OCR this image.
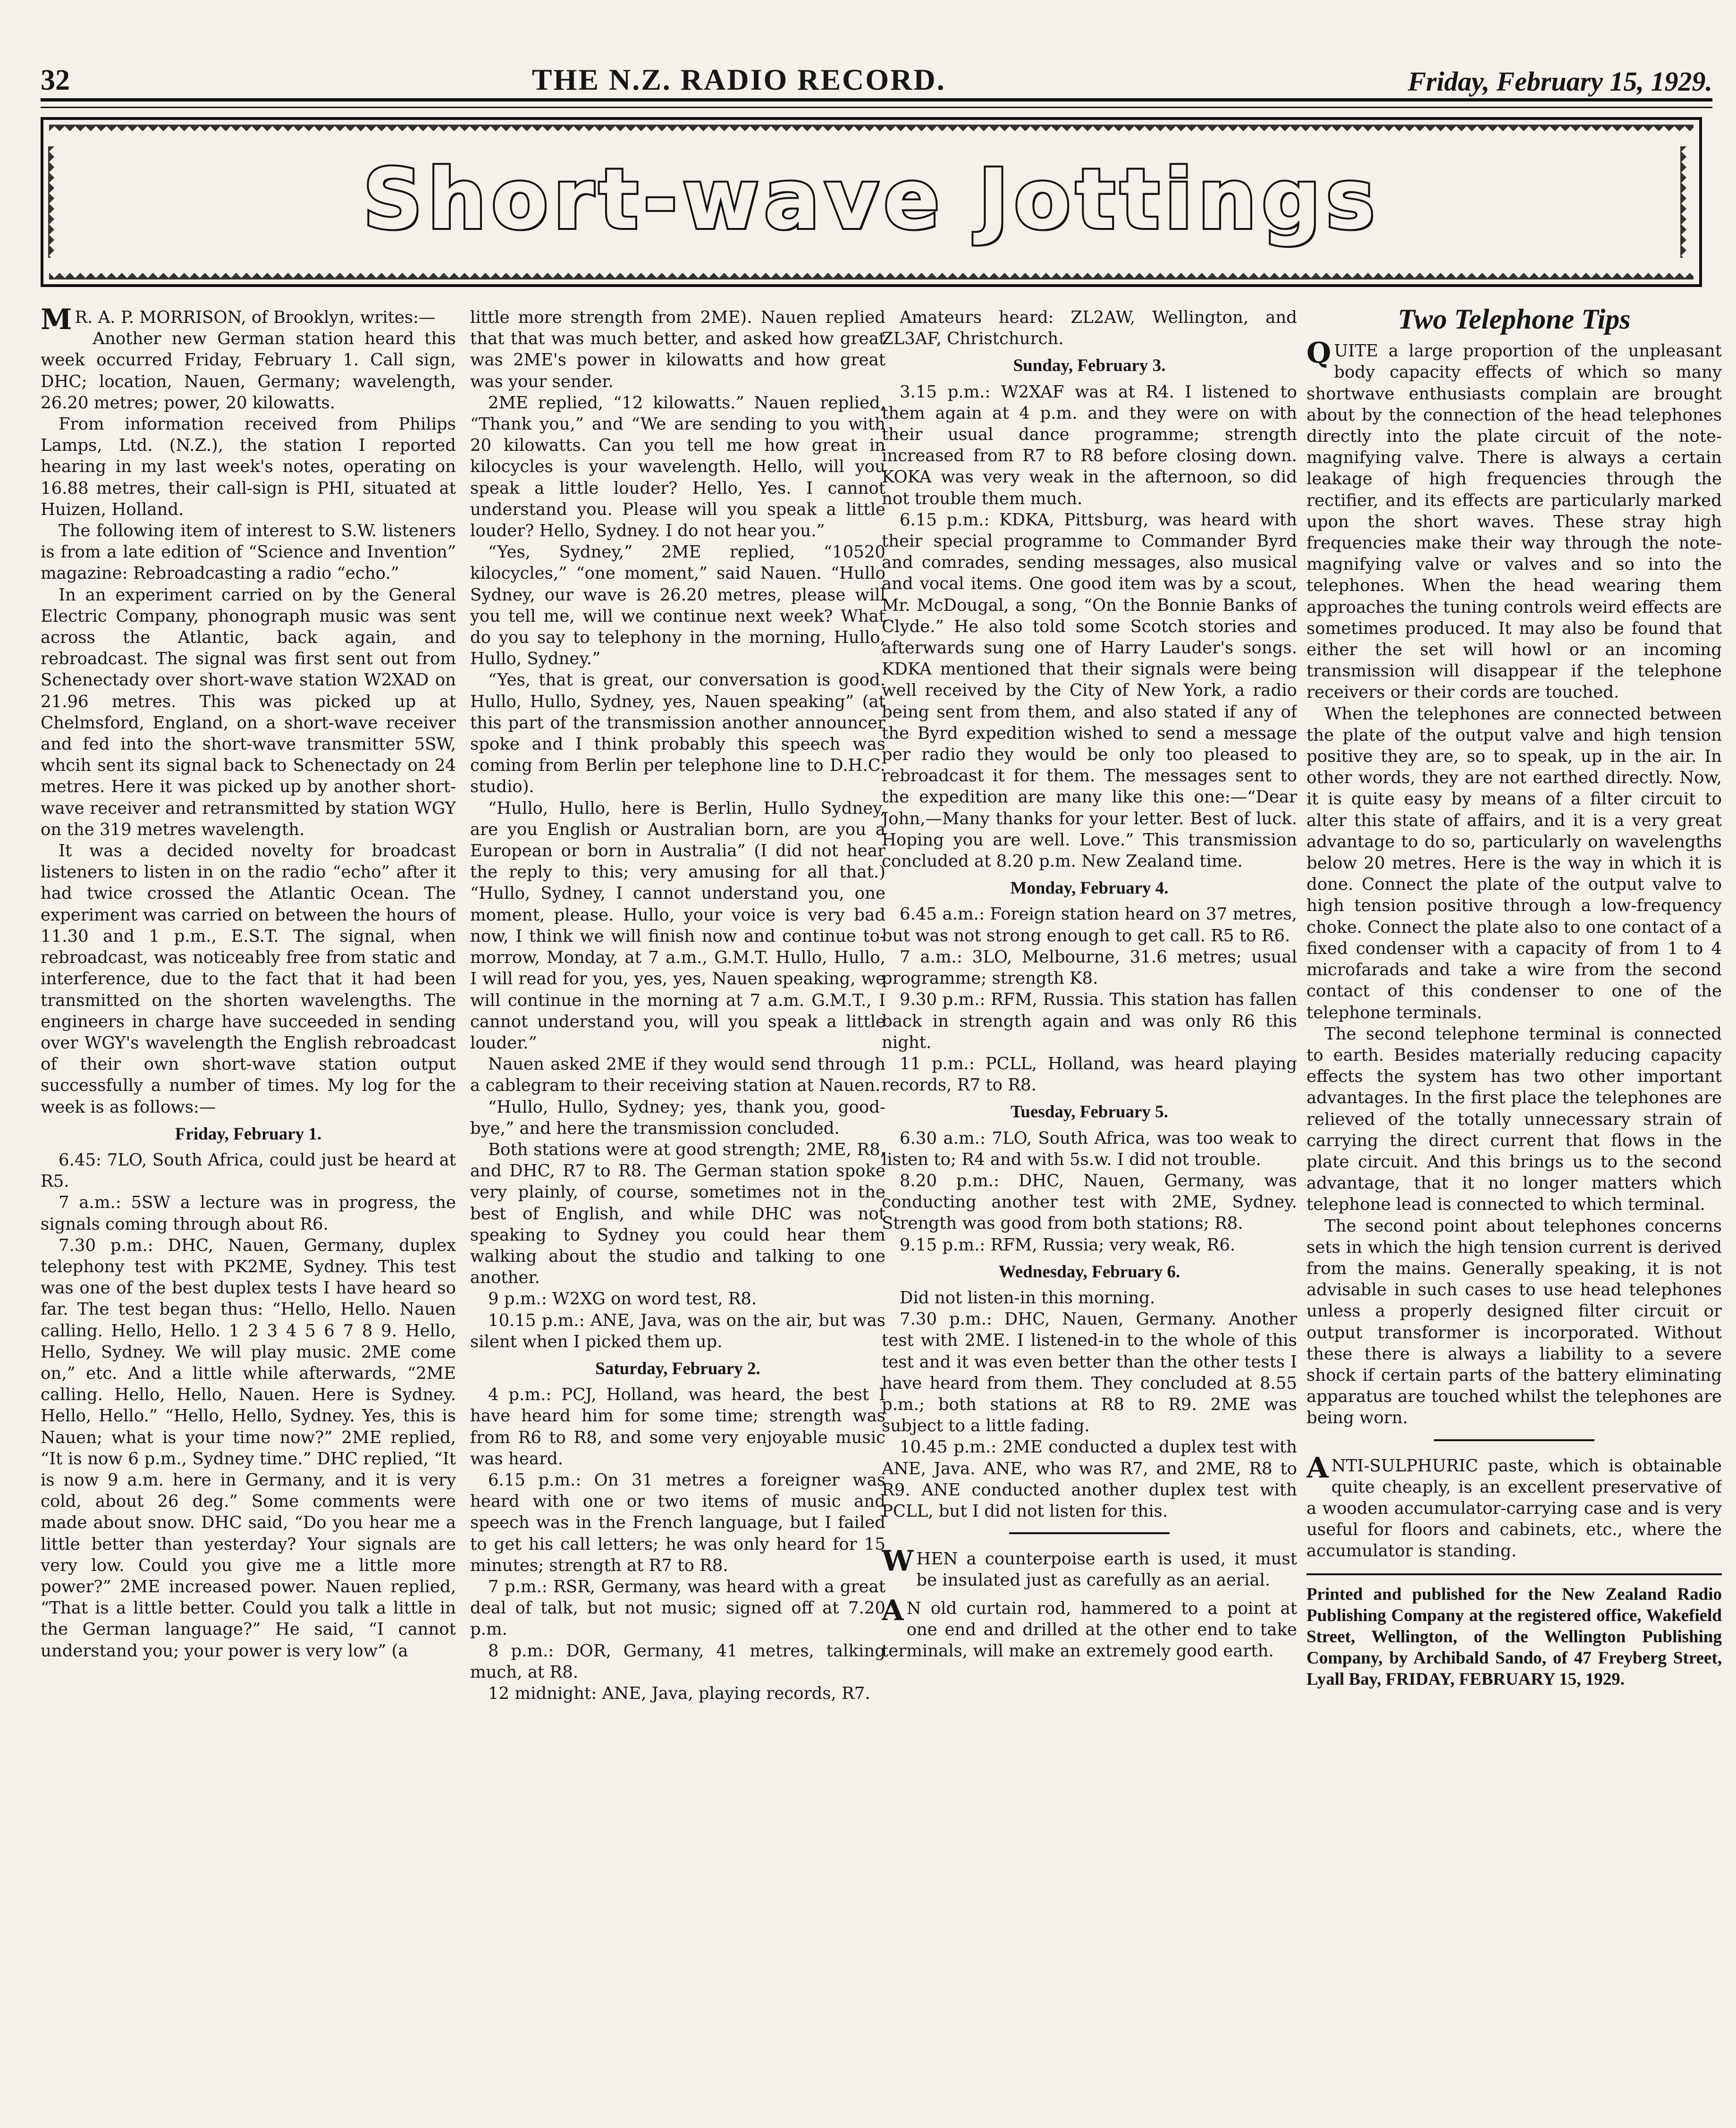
32	THE N.Z. RADIO RECORD.	Friday, February 15, 1929.
Short-wave Jottings

M R. A. P. MORRISON, of Brooklyn, writes:—

Another new German station heard this week occurred Friday, February 1. Call sign, DHC; location, Nauen, Germany; wavelength, 26.20 metres; power, 20 kilowatts.

From information received from Philips Lamps, Ltd. (N.Z.), the station I reported hearing in my last week's notes, operating on 16.88 metres, their call-sign is PHI, situated at Huizen, Holland.

The following item of interest to S.W. listeners is from a late edition of “Science and Invention” magazine: Rebroadcasting a radio “echo.”

In an experiment carried on by the General Electric Company, phonograph music was sent across the Atlantic, back again, and rebroadcast. The signal was first sent out from Schenectady over short-wave station W2XAD on 21.96 metres. This was picked up at Chelmsford, England, on a short-wave receiver and fed into the short-wave transmitter 5SW, whcih sent its signal back to Schenectady on 24 metres. Here it was picked up by another short-wave receiver and retransmitted by station WGY on the 319 metres wavelength.

It was a decided novelty for broadcast listeners to listen in on the radio “echo” after it had twice crossed the Atlantic Ocean. The experiment was carried on between the hours of 11.30 and 1 p.m., E.S.T. The signal, when rebroadcast, was noticeably free from static and interference, due to the fact that it had been transmitted on the shorten wavelengths. The engineers in charge have succeeded in sending over WGY's wavelength the English rebroadcast of their own short-wave station output successfully a number of times. My log for the week is as follows:—

Friday, February 1.

6.45: 7LO, South Africa, could just be heard at R5.

7 a.m.: 5SW a lecture was in progress, the signals coming through about R6.

7.30 p.m.: DHC, Nauen, Germany, duplex telephony test with PK2ME, Sydney. This test was one of the best duplex tests I have heard so far. The test began thus: “Hello, Hello. Nauen calling. Hello, Hello. 1 2 3 4 5 6 7 8 9. Hello, Hello, Sydney. We will play music. 2ME come on,” etc. And a little while afterwards, “2ME calling. Hello, Hello, Nauen. Here is Sydney. Hello, Hello.” “Hello, Hello, Sydney. Yes, this is Nauen; what is your time now?” 2ME replied, “It is now 6 p.m., Sydney time.” DHC replied, “It is now 9 a.m. here in Germany, and it is very cold, about 26 deg.” Some comments were made about snow. DHC said, “Do you hear me a little better than yesterday? Your signals are very low. Could you give me a little more power?” 2ME increased power. Nauen replied, “That is a little better. Could you talk a little in the German language?” He said, “I cannot understand you; your power is very low” (a

little more strength from 2ME). Nauen replied that that was much better, and asked how great was 2ME's power in kilowatts and how great was your sender.

2ME replied, “12 kilowatts.” Nauen replied, “Thank you,” and “We are sending to you with 20 kilowatts. Can you tell me how great in kilocycles is your wavelength. Hello, will you speak a little louder? Hello, Yes. I cannot understand you. Please will you speak a little louder? Hello, Sydney. I do not hear you.”

“Yes, Sydney,” 2ME replied, “10520 kilocycles,” “one moment,” said Nauen. “Hullo Sydney, our wave is 26.20 metres, please will you tell me, will we continue next week? What do you say to telephony in the morning, Hullo, Hullo, Sydney.”

“Yes, that is great, our conversation is good. Hullo, Hullo, Sydney, yes, Nauen speaking” (at this part of the transmission another announcer spoke and I think probably this speech was coming from Berlin per telephone line to D.H.C. studio).

“Hullo, Hullo, here is Berlin, Hullo Sydney, are you English or Australian born, are you a European or born in Australia” (I did not hear the reply to this; very amusing for all that.) “Hullo, Sydney, I cannot understand you, one moment, please. Hullo, your voice is very bad now, I think we will finish now and continue to-morrow, Monday, at 7 a.m., G.M.T. Hullo, Hullo, I will read for you, yes, yes, Nauen speaking, we will continue in the morning at 7 a.m. G.M.T., I cannot understand you, will you speak a little louder.”

Nauen asked 2ME if they would send through a cablegram to their receiving station at Nauen.

“Hullo, Hullo, Sydney; yes, thank you, good-bye,” and here the transmission concluded.

Both stations were at good strength; 2ME, R8, and DHC, R7 to R8. The German station spoke very plainly, of course, sometimes not in the best of English, and while DHC was not speaking to Sydney you could hear them walking about the studio and talking to one another.

9 p.m.: W2XG on word test, R8.

10.15 p.m.: ANE, Java, was on the air, but was silent when I picked them up.

Saturday, February 2.

4 p.m.: PCJ, Holland, was heard, the best I have heard him for some time; strength was from R6 to R8, and some very enjoyable music was heard.

6.15 p.m.: On 31 metres a foreigner was heard with one or two items of music and speech was in the French language, but I failed to get his call letters; he was only heard for 15 minutes; strength at R7 to R8.

7 p.m.: RSR, Germany, was heard with a great deal of talk, but not music; signed off at 7.20 p.m.

8 p.m.: DOR, Germany, 41 metres, talking much, at R8.

12 midnight: ANE, Java, playing records, R7.

Amateurs heard: ZL2AW, Wellington, and ZL3AF, Christchurch.

Sunday, February 3.

3.15 p.m.: W2XAF was at R4. I listened to them again at 4 p.m. and they were on with their usual dance programme; strength increased from R7 to R8 before closing down. KOKA was very weak in the afternoon, so did not trouble them much.

6.15 p.m.: KDKA, Pittsburg, was heard with their special programme to Commander Byrd and comrades, sending messages, also musical and vocal items. One good item was by a scout, Mr. McDougal, a song, “On the Bonnie Banks of Clyde.” He also told some Scotch stories and afterwards sung one of Harry Lauder's songs. KDKA mentioned that their signals were being well received by the City of New York, a radio being sent from them, and also stated if any of the Byrd expedition wished to send a message per radio they would be only too pleased to rebroadcast it for them. The messages sent to the expedition are many like this one:—“Dear John,—Many thanks for your letter. Best of luck. Hoping you are well. Love.” This transmission concluded at 8.20 p.m. New Zealand time.

Monday, February 4.

6.45 a.m.: Foreign station heard on 37 metres, but was not strong enough to get call. R5 to R6.

7 a.m.: 3LO, Melbourne, 31.6 metres; usual programme; strength K8.

9.30 p.m.: RFM, Russia. This station has fallen back in strength again and was only R6 this night.

11 p.m.: PCLL, Holland, was heard playing records, R7 to R8.

Tuesday, February 5.

6.30 a.m.: 7LO, South Africa, was too weak to listen to; R4 and with 5s.w. I did not trouble.

8.20 p.m.: DHC, Nauen, Germany, was conducting another test with 2ME, Sydney. Strength was good from both stations; R8.

9.15 p.m.: RFM, Russia; very weak, R6.

Wednesday, February 6.

Did not listen-in this morning.

7.30 p.m.: DHC, Nauen, Germany. Another test with 2ME. I listened-in to the whole of this test and it was even better than the other tests I have heard from them. They concluded at 8.55 p.m.; both stations at R8 to R9. 2ME was subject to a little fading.

10.45 p.m.: 2ME conducted a duplex test with ANE, Java. ANE, who was R7, and 2ME, R8 to R9. ANE conducted another duplex test with PCLL, but I did not listen for this.

WHEN a counterpoise earth is used, it must be insulated just as carefully as an aerial.

A N old curtain rod, hammered to a point at one end and drilled at the other end to take terminals, will make an extremely good earth.

Two Telephone Tips

QUITE a large proportion of the unpleasant body capacity effects of which so many shortwave enthusiasts complain are brought about by the connection of the head telephones directly into the plate circuit of the note-magnifying valve. There is always a certain leakage of high frequencies through the rectifier, and its effects are particularly marked upon the short waves. These stray high frequencies make their way through the note-magnifying valve or valves and so into the telephones. When the head wearing them approaches the tuning controls weird effects are sometimes produced. It may also be found that either the set will howl or an incoming transmission will disappear if the telephone receivers or their cords are touched.

When the telephones are connected between the plate of the output valve and high tension positive they are, so to speak, up in the air. In other words, they are not earthed directly. Now, it is quite easy by means of a filter circuit to alter this state of affairs, and it is a very great advantage to do so, particularly on wavelengths below 20 metres. Here is the way in which it is done. Connect the plate of the output valve to high tension positive through a low-frequency choke. Connect the plate also to one contact of a fixed condenser with a capacity of from 1 to 4 microfarads and take a wire from the second contact of this condenser to one of the telephone terminals.

The second telephone terminal is connected to earth. Besides materially reducing capacity effects the system has two other important advantages. In the first place the telephones are relieved of the totally unnecessary strain of carrying the direct current that flows in the plate circuit. And this brings us to the second advantage, that it no longer matters which telephone lead is connected to which terminal.

The second point about telephones concerns sets in which the high tension current is derived from the mains. Generally speaking, it is not advisable in such cases to use head telephones unless a properly designed filter circuit or output transformer is incorporated. Without these there is always a liability to a severe shock if certain parts of the battery eliminating apparatus are touched whilst the telephones are being worn.

ANTI-SULPHURIC paste, which is obtainable quite cheaply, is an excellent preservative of a wooden accumulator-carrying case and is very useful for floors and cabinets, etc., where the accumulator is standing.

Printed and published for the New Zealand Radio Publishing Company at the registered office, Wakefield Street, Wellington, of the Wellington Publishing Company, by Archibald Sando, of 47 Freyberg Street, Lyall Bay, FRIDAY, FEBRUARY 15, 1929.
